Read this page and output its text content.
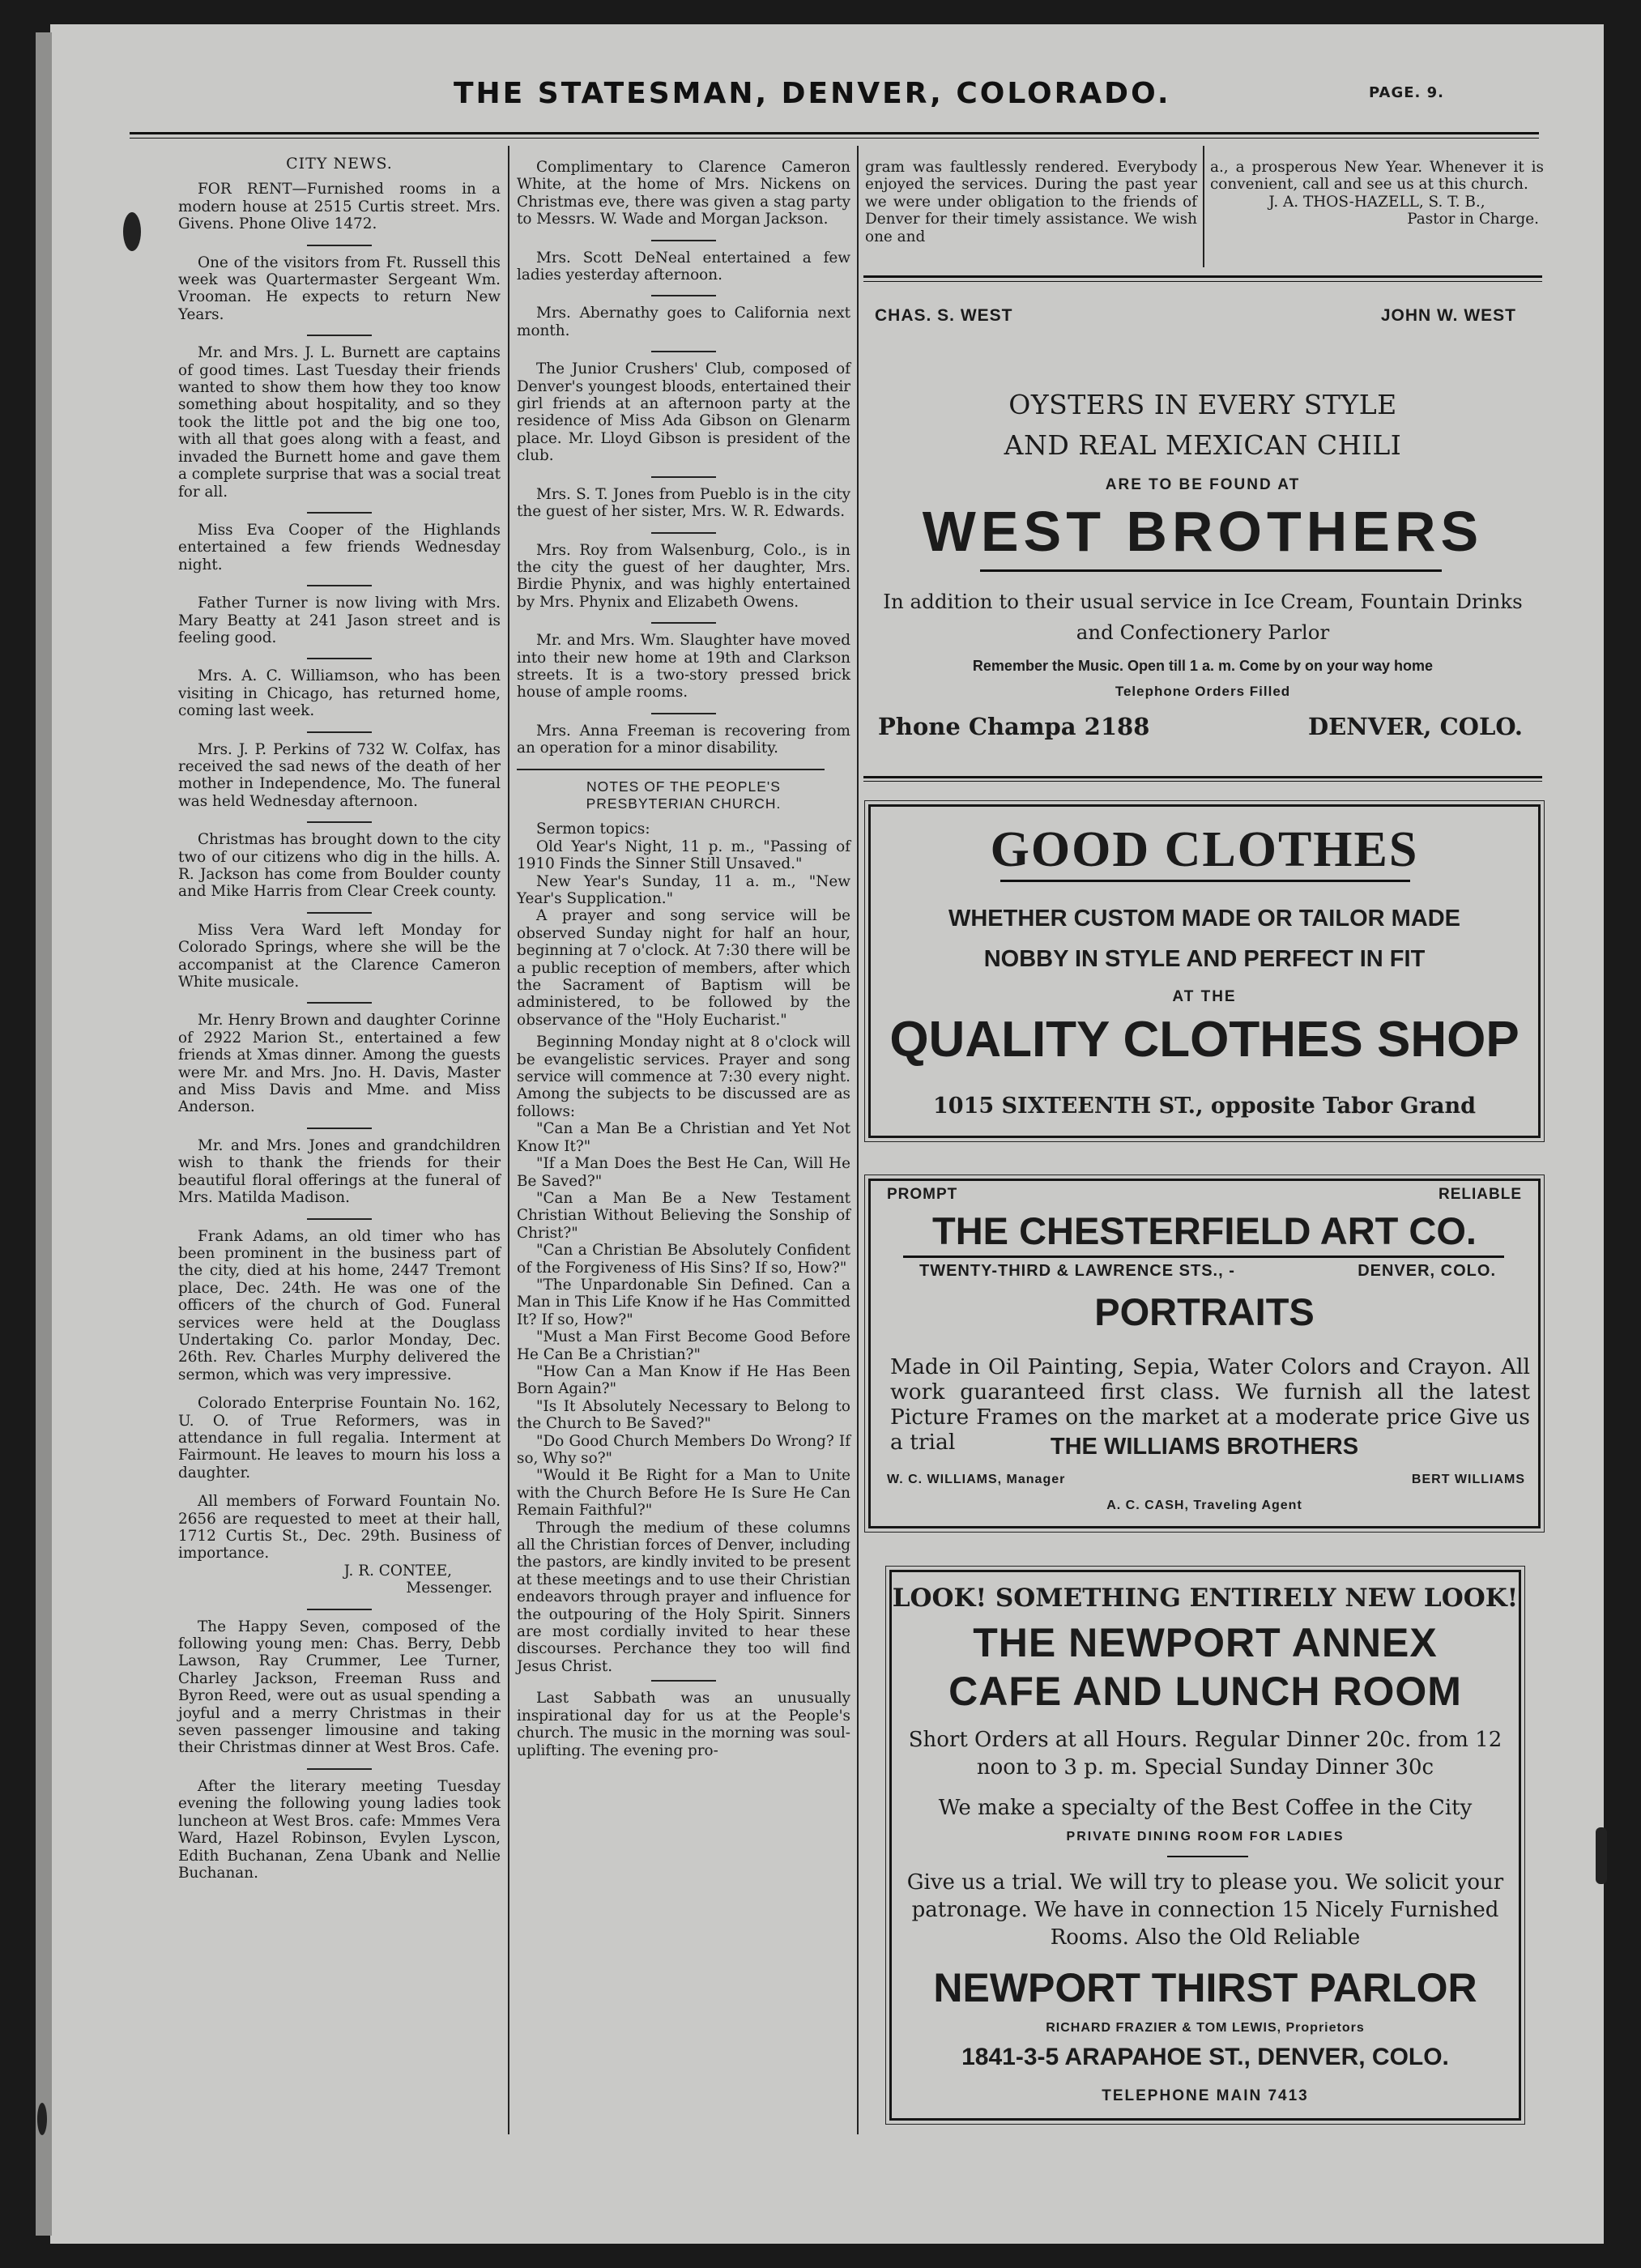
THE STATESMAN, DENVER, COLORADO.	PAGE. 9.
CITY NEWS.

FOR RENT—Furnished rooms in a modern house at 2515 Curtis street. Mrs. Givens. Phone Olive 1472.

One of the visitors from Ft. Russell this week was Quartermaster Sergeant Wm. Vrooman. He expects to return New Years.

Mr. and Mrs. J. L. Burnett are captains of good times. Last Tuesday their friends wanted to show them how they too know something about hospitality, and so they took the little pot and the big one too, with all that goes along with a feast, and invaded the Burnett home and gave them a complete surprise that was a social treat for all.

Miss Eva Cooper of the Highlands entertained a few friends Wednesday night.

Father Turner is now living with Mrs. Mary Beatty at 241 Jason street and is feeling good.

Mrs. A. C. Williamson, who has been visiting in Chicago, has returned home, coming last week.

Mrs. J. P. Perkins of 732 W. Colfax, has received the sad news of the death of her mother in Independence, Mo. The funeral was held Wednesday afternoon.

Christmas has brought down to the city two of our citizens who dig in the hills. A. R. Jackson has come from Boulder county and Mike Harris from Clear Creek county.

Miss Vera Ward left Monday for Colorado Springs, where she will be the accompanist at the Clarence Cameron White musicale.

Mr. Henry Brown and daughter Corinne of 2922 Marion St., entertained a few friends at Xmas dinner. Among the guests were Mr. and Mrs. Jno. H. Davis, Master and Miss Davis and Mme. and Miss Anderson.

Mr. and Mrs. Jones and grandchildren wish to thank the friends for their beautiful floral offerings at the funeral of Mrs. Matilda Madison.

Frank Adams, an old timer who has been prominent in the business part of the city, died at his home, 2447 Tremont place, Dec. 24th. He was one of the officers of the church of God. Funeral services were held at the Douglass Undertaking Co. parlor Monday, Dec. 26th. Rev. Charles Murphy delivered the sermon, which was very impressive.

Colorado Enterprise Fountain No. 162, U. O. of True Reformers, was in attendance in full regalia. Interment at Fairmount. He leaves to mourn his loss a daughter.

All members of Forward Fountain No. 2656 are requested to meet at their hall, 1712 Curtis St., Dec. 29th. Business of importance.

J. R. CONTEE,

Messenger.

The Happy Seven, composed of the following young men: Chas. Berry, Debb Lawson, Ray Crummer, Lee Turner, Charley Jackson, Freeman Russ and Byron Reed, were out as usual spending a joyful and a merry Christmas in their seven passenger limousine and taking their Christmas dinner at West Bros. Cafe.

After the literary meeting Tuesday evening the following young ladies took luncheon at West Bros. cafe: Mmmes Vera Ward, Hazel Robinson, Evylen Lyscon, Edith Buchanan, Zena Ubank and Nellie Buchanan.

Complimentary to Clarence Cameron White, at the home of Mrs. Nickens on Christmas eve, there was given a stag party to Messrs. W. Wade and Morgan Jackson.

Mrs. Scott DeNeal entertained a few ladies yesterday afternoon.

Mrs. Abernathy goes to California next month.

The Junior Crushers' Club, composed of Denver's youngest bloods, entertained their girl friends at an afternoon party at the residence of Miss Ada Gibson on Glenarm place. Mr. Lloyd Gibson is president of the club.

Mrs. S. T. Jones from Pueblo is in the city the guest of her sister, Mrs. W. R. Edwards.

Mrs. Roy from Walsenburg, Colo., is in the city the guest of her daughter, Mrs. Birdie Phynix, and was highly entertained by Mrs. Phynix and Elizabeth Owens.

Mr. and Mrs. Wm. Slaughter have moved into their new home at 19th and Clarkson streets. It is a two-story pressed brick house of ample rooms.

Mrs. Anna Freeman is recovering from an operation for a minor disability.

NOTES OF THE PEOPLE'S PRESBYTERIAN CHURCH.

Sermon topics:

Old Year's Night, 11 p. m., "Passing of 1910 Finds the Sinner Still Unsaved."

New Year's Sunday, 11 a. m., "New Year's Supplication."

A prayer and song service will be observed Sunday night for half an hour, beginning at 7 o'clock. At 7:30 there will be a public reception of members, after which the Sacrament of Baptism will be administered, to be followed by the observance of the "Holy Eucharist."

Beginning Monday night at 8 o'clock will be evangelistic services. Prayer and song service will commence at 7:30 every night. Among the subjects to be discussed are as follows:

"Can a Man Be a Christian and Yet Not Know It?"

"If a Man Does the Best He Can, Will He Be Saved?"

"Can a Man Be a New Testament Christian Without Believing the Sonship of Christ?"

"Can a Christian Be Absolutely Confident of the Forgiveness of His Sins? If so, How?"

"The Unpardonable Sin Defined. Can a Man in This Life Know if he Has Committed It? If so, How?"

"Must a Man First Become Good Before He Can Be a Christian?"

"How Can a Man Know if He Has Been Born Again?"

"Is It Absolutely Necessary to Belong to the Church to Be Saved?"

"Do Good Church Members Do Wrong? If so, Why so?"

"Would it Be Right for a Man to Unite with the Church Before He Is Sure He Can Remain Faithful?"

Through the medium of these columns all the Christian forces of Denver, including the pastors, are kindly invited to be present at these meetings and to use their Christian endeavors through prayer and influence for the outpouring of the Holy Spirit. Sinners are most cordially invited to hear these discourses. Perchance they too will find Jesus Christ.

Last Sabbath was an unusually inspirational day for us at the People's church. The music in the morning was soul-uplifting. The evening pro-

gram was faultlessly rendered. Everybody enjoyed the services. During the past year we were under obligation to the friends of Denver for their timely assistance. We wish one and

a., a prosperous New Year. Whenever it is convenient, call and see us at this church.

J. A. THOS-HAZELL, S. T. B.,

Pastor in Charge.

CHAS. S. WEST	JOHN W. WEST
OYSTERS IN EVERY STYLE
AND REAL MEXICAN CHILI
ARE TO BE FOUND AT
WEST BROTHERS
In addition to their usual service in Ice Cream, Fountain Drinks
and Confectionery Parlor
Remember the Music. Open till 1 a. m. Come by on your way home
Telephone Orders Filled
Phone Champa 2188	DENVER, COLO.
GOOD CLOTHES
WHETHER CUSTOM MADE OR TAILOR MADE
NOBBY IN STYLE AND PERFECT IN FIT
AT THE
QUALITY CLOTHES SHOP
1015 SIXTEENTH ST., opposite Tabor Grand
PROMPT	RELIABLE
THE CHESTERFIELD ART CO.
TWENTY-THIRD & LAWRENCE STS., -	DENVER, COLO.
PORTRAITS
Made in Oil Painting, Sepia, Water Colors and Crayon. All work guaranteed first class. We furnish all the latest Picture Frames on the market at a moderate price Give us a trial	THE WILLIAMS BROTHERS
W. C. WILLIAMS, Manager	BERT WILLIAMS
A. C. CASH, Traveling Agent
LOOK! SOMETHING ENTIRELY NEW LOOK!
THE NEWPORT ANNEX
CAFE AND LUNCH ROOM
Short Orders at all Hours. Regular Dinner 20c. from 12 noon to 3 p. m. Special Sunday Dinner 30c
We make a specialty of the Best Coffee in the City
PRIVATE DINING ROOM FOR LADIES
Give us a trial. We will try to please you. We solicit your patronage. We have in connection 15 Nicely Furnished Rooms. Also the Old Reliable
NEWPORT THIRST PARLOR
RICHARD FRAZIER & TOM LEWIS, Proprietors
1841-3-5 ARAPAHOE ST., DENVER, COLO.
TELEPHONE MAIN 7413
